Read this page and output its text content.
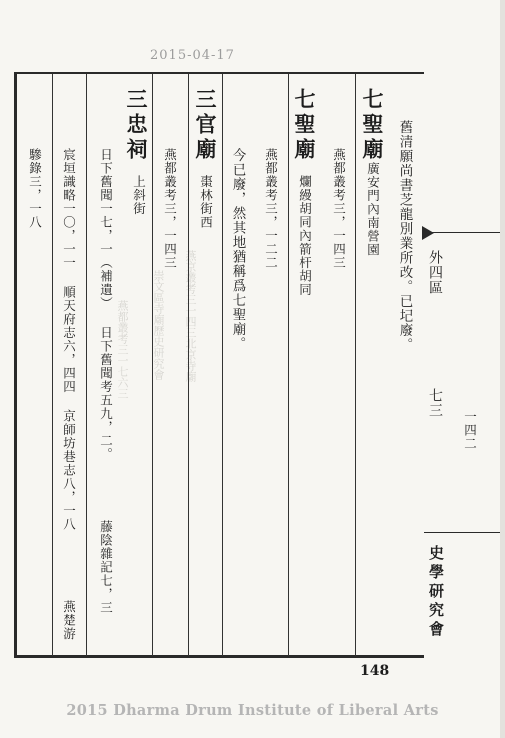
2015-04-17
燕京叢考三一四三北京寺廟
崇文區寺廟歷史研究會
燕都叢考三一七六三
七聖廟
廣安門內南營園 舊清願尚書芝龍別業所改。已圮廢。
燕都叢考三，一四三
七聖廟
爛縵胡同內箭杆胡同
燕都叢考三，一二二
今已廢，然其地猶稱爲七聖廟。
三官廟
棗林街西
燕都叢考三，一四三
三忠祠
上斜街
日下舊聞一七，一（補遺） 日下舊聞考五九，二。
藤陰雜記七，三
宸垣識略一〇，一一 順天府志六，四四 京師坊巷志八，一八
燕楚游
驂錄三，一八
外四區
七三
一四二
史學研究會
148
2015 Dharma Drum Institute of Liberal Arts
